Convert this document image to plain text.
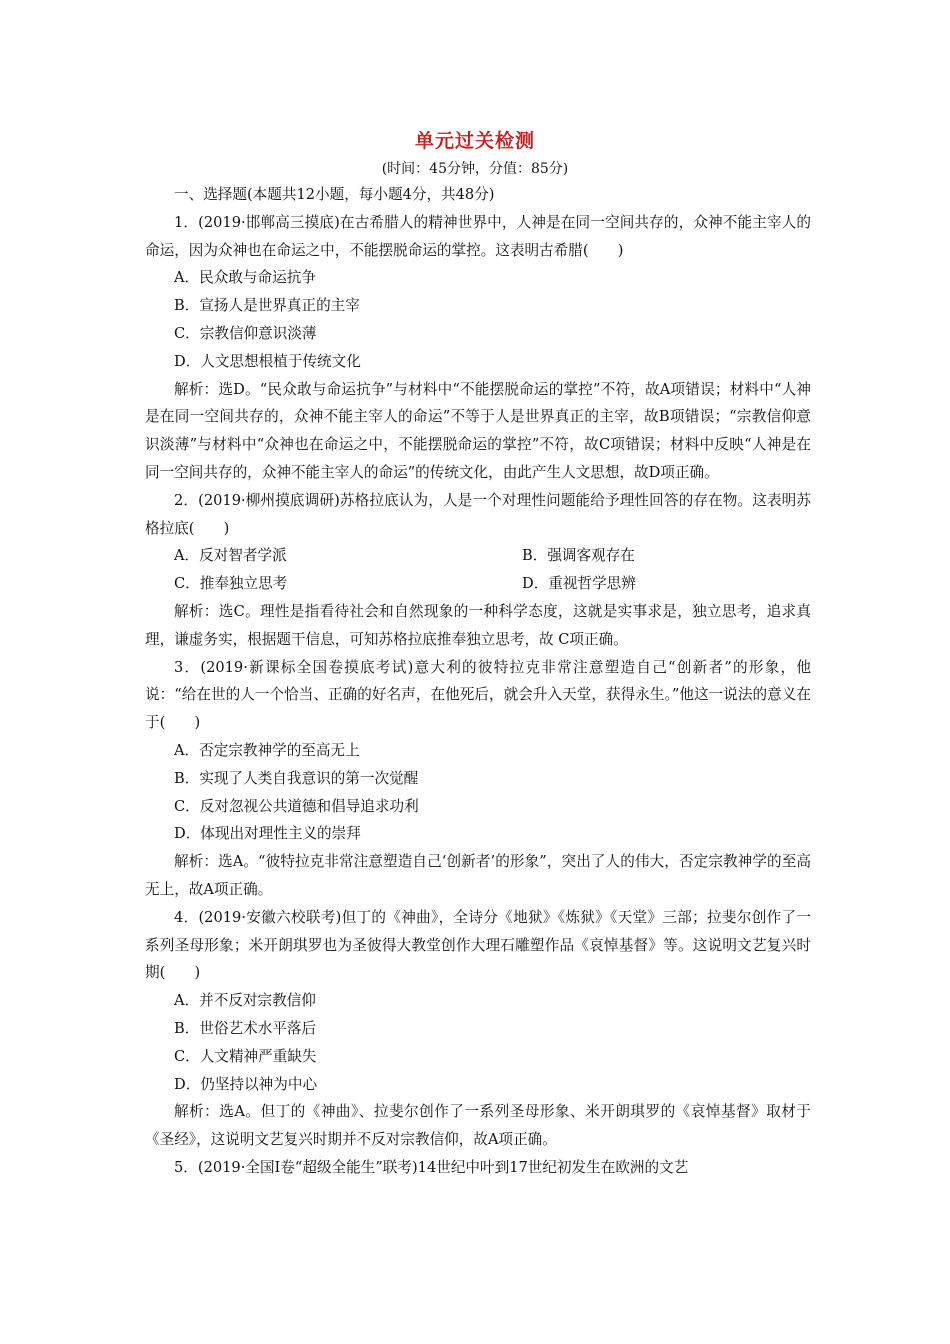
单元过关检测
(时间：45分钟，分值：85分)

一、选择题(本题共12小题，每小题4分，共48分)

1．(2019·邯郸高三摸底)在古希腊人的精神世界中，人神是在同一空间共存的，众神不能主宰人的命运，因为众神也在命运之中，不能摆脱命运的掌控。这表明古希腊(　　)

A．民众敢与命运抗争

B．宣扬人是世界真正的主宰

C．宗教信仰意识淡薄

D．人文思想根植于传统文化

解析：选D。“民众敢与命运抗争”与材料中“不能摆脱命运的掌控”不符，故A项错误；材料中“人神是在同一空间共存的，众神不能主宰人的命运”不等于人是世界真正的主宰，故B项错误；“宗教信仰意识淡薄”与材料中“众神也在命运之中，不能摆脱命运的掌控”不符，故C项错误；材料中反映“人神是在同一空间共存的，众神不能主宰人的命运”的传统文化，由此产生人文思想，故D项正确。

2．(2019·柳州摸底调研)苏格拉底认为，人是一个对理性问题能给予理性回答的存在物。这表明苏格拉底(　　)

A．反对智者学派	B．强调客观存在

C．推奉独立思考	D．重视哲学思辨

解析：选C。理性是指看待社会和自然现象的一种科学态度，这就是实事求是，独立思考，追求真理，谦虚务实，根据题干信息，可知苏格拉底推奉独立思考，故 C项正确。

3．(2019·新课标全国卷摸底考试)意大利的彼特拉克非常注意塑造自己“创新者”的形象，他说：“给在世的人一个恰当、正确的好名声，在他死后，就会升入天堂，获得永生。”他这一说法的意义在于(　　)

A．否定宗教神学的至高无上

B．实现了人类自我意识的第一次觉醒

C．反对忽视公共道德和倡导追求功利

D．体现出对理性主义的崇拜

解析：选A。“彼特拉克非常注意塑造自己‘创新者’的形象”，突出了人的伟大，否定宗教神学的至高无上，故A项正确。

4．(2019·安徽六校联考)但丁的《神曲》，全诗分《地狱》《炼狱》《天堂》三部；拉斐尔创作了一系列圣母形象；米开朗琪罗也为圣彼得大教堂创作大理石雕塑作品《哀悼基督》等。这说明文艺复兴时期(　　)

A．并不反对宗教信仰

B．世俗艺术水平落后

C．人文精神严重缺失

D．仍坚持以神为中心

解析：选A。但丁的《神曲》、拉斐尔创作了一系列圣母形象、米开朗琪罗的《哀悼基督》取材于《圣经》，这说明文艺复兴时期并不反对宗教信仰，故A项正确。

5．(2019·全国Ⅰ卷“超级全能生”联考)14世纪中叶到17世纪初发生在欧洲的文艺
